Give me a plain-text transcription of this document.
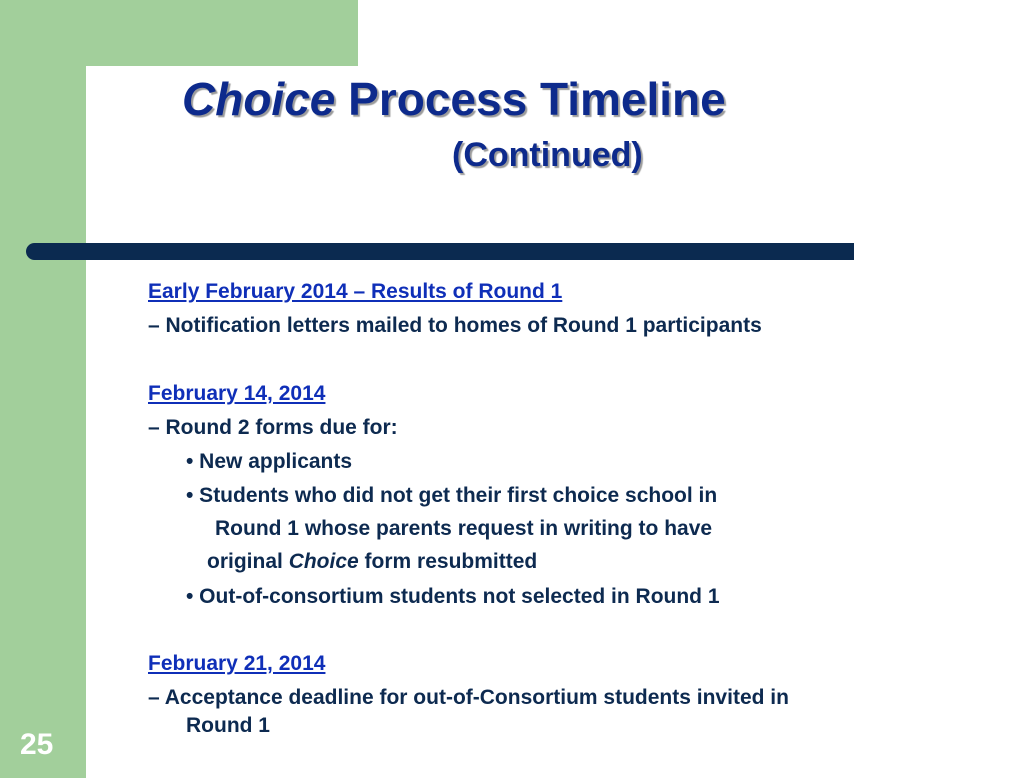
25
Choice Process Timeline
(Continued)

Early February 2014 – Results of Round 1

– Notification letters mailed to homes of Round 1 participants

February 14, 2014

– Round 2 forms due for:

• New applicants

• Students who did not get their first choice school in

Round 1 whose parents request in writing to have

original Choice form resubmitted

• Out-of-consortium students not selected in Round 1

February 21, 2014

– Acceptance deadline for out-of-Consortium students invited in

Round 1
